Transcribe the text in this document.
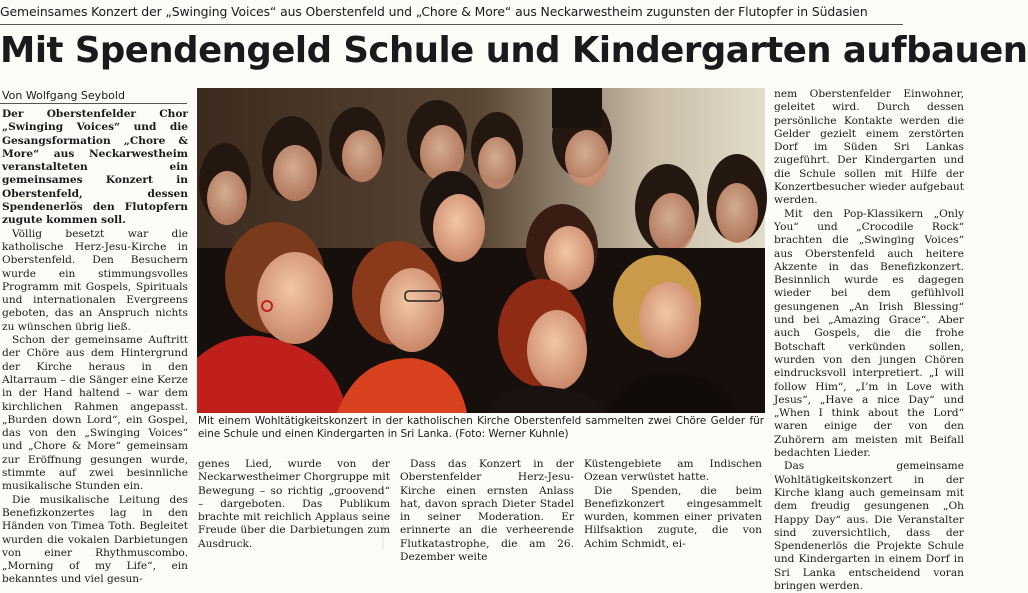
Gemeinsames Konzert der „Swinging Voices“ aus Oberstenfeld und „Chore & More“ aus Neckarwestheim zugunsten der Flutopfer in Südasien
Mit Spendengeld Schule und Kindergarten aufbauen
Von Wolfgang Seybold

Der Oberstenfelder Chor „Swinging Voices“ und die Gesangsformation „Chore & More“ aus Neckarwestheim veranstalteten ein gemeinsames Konzert in Oberstenfeld, dessen Spendenerlös den Flutopfern zugute kommen soll.

Völlig besetzt war die katholische Herz-Jesu-Kirche in Oberstenfeld. Den Besuchern wurde ein stimmungsvolles Programm mit Gospels, Spirituals und internationalen Evergreens geboten, das an Anspruch nichts zu wünschen übrig ließ.

Schon der gemeinsame Auftritt der Chöre aus dem Hintergrund der Kirche heraus in den Altarraum – die Sänger eine Kerze in der Hand haltend – war dem kirchlichen Rahmen angepasst. „Burden down Lord“, ein Gospel, das von den „Swinging Voices“ und „Chore & More“ gemeinsam zur Eröffnung gesungen wurde, stimmte auf zwei besinnliche musikalische Stunden ein.

Die musikalische Leitung des Benefizkonzertes lag in den Händen von Timea Toth. Begleitet wurden die vokalen Darbietungen von einer Rhythmuscombo. „Morning of my Life“, ein bekanntes und viel gesun-

Mit einem Wohltätigkeitskonzert in der katholischen Kirche Oberstenfeld sammelten zwei Chöre Gelder für eine Schule und einen Kindergarten in Sri Lanka. (Foto: Werner Kuhnle)

genes Lied, wurde von der Neckarwestheimer Chorgruppe mit Bewegung – so richtig „groovend“ – dargeboten. Das Publikum brachte mit reichlich Applaus seine Freude über die Darbietungen zum Ausdruck.

Dass das Konzert in der Oberstenfelder Herz-Jesu-Kirche einen ernsten Anlass hat, davon sprach Dieter Stadel in seiner Moderation. Er erinnerte an die verheerende Flutkatastrophe, die am 26. Dezember weite

Küstengebiete am Indischen Ozean verwüstet hatte.

Die Spenden, die beim Benefizkonzert eingesammelt wurden, kommen einer privaten Hilfsaktion zugute, die von Achim Schmidt, ei-

nem Oberstenfelder Einwohner, geleitet wird. Durch dessen persönliche Kontakte werden die Gelder gezielt einem zerstörten Dorf im Süden Sri Lankas zugeführt. Der Kindergarten und die Schule sollen mit Hilfe der Konzertbesucher wieder aufgebaut werden.

Mit den Pop-Klassikern „Only You“ und „Crocodile Rock“ brachten die „Swinging Voices“ aus Oberstenfeld auch heitere Akzente in das Benefizkonzert. Besinnlich wurde es dagegen wieder bei dem gefühlvoll gesungenen „An Irish Blessing“ und bei „Amazing Grace“. Aber auch Gospels, die die frohe Botschaft verkünden sollen, wurden von den jungen Chören eindrucksvoll interpretiert. „I will follow Him“, „I’m in Love with Jesus“, „Have a nice Day“ und „When I think about the Lord“ waren einige der von den Zuhörern am meisten mit Beifall bedachten Lieder.

Das gemeinsame Wohltätigkeitskonzert in der Kirche klang auch gemeinsam mit dem freudig gesungenen „Oh Happy Day“ aus. Die Veranstalter sind zuversichtlich, dass der Spendenerlös die Projekte Schule und Kindergarten in einem Dorf in Sri Lanka entscheidend voran bringen werden.
